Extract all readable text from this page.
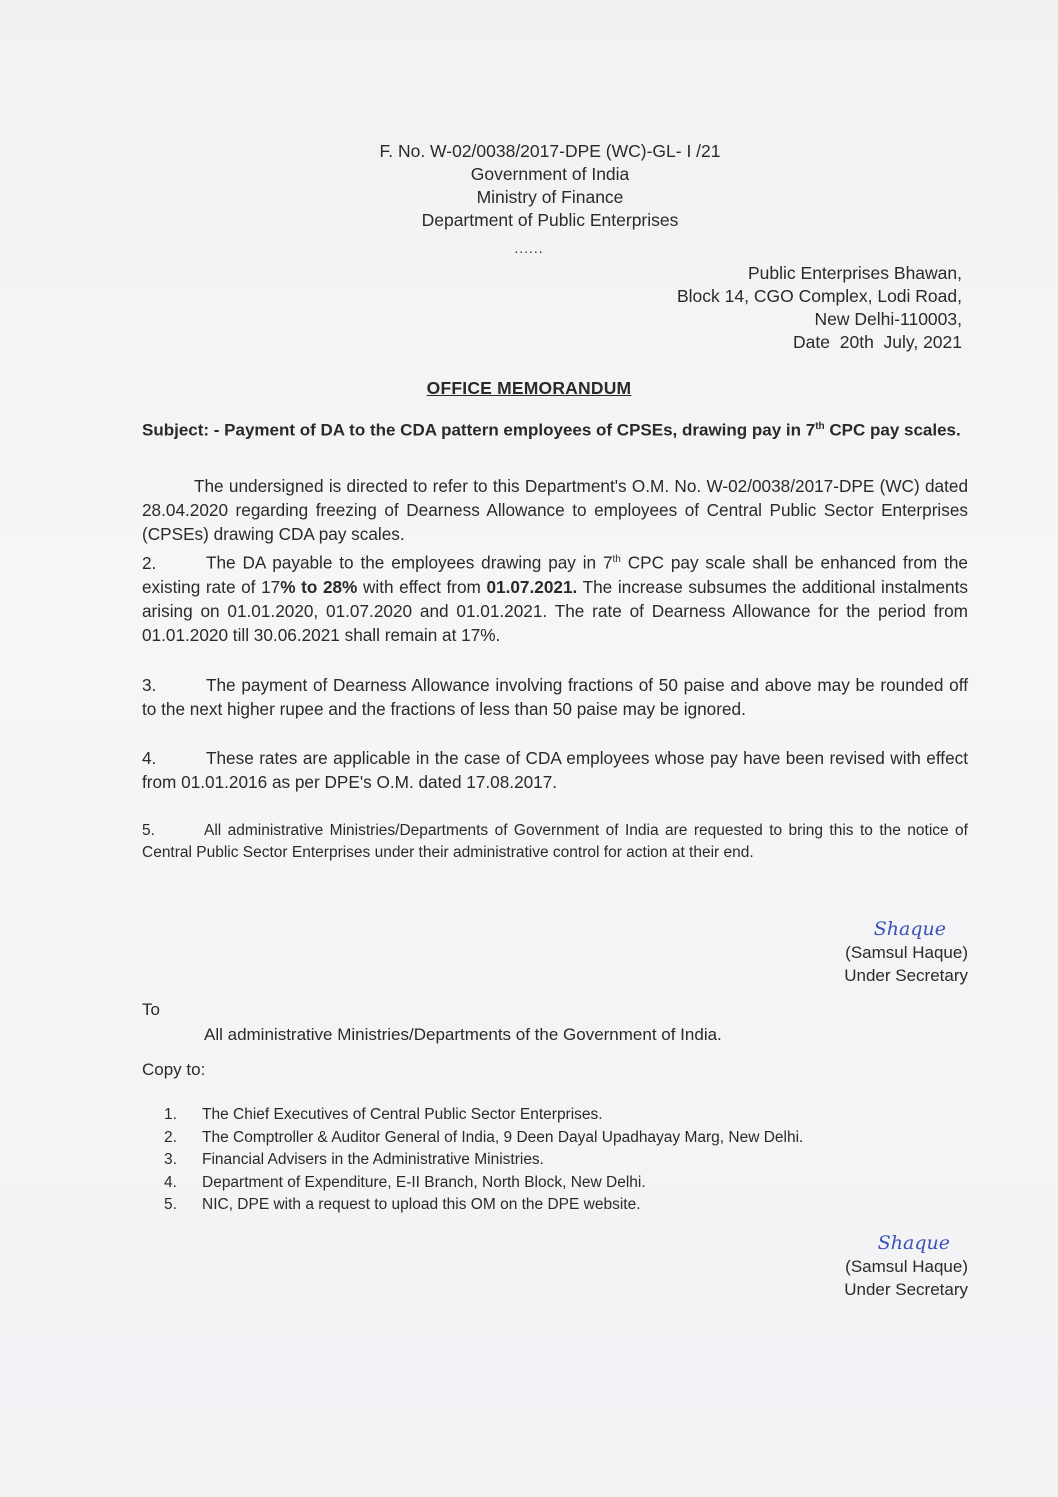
F. No. W-02/0038/2017-DPE (WC)-GL- I /21
Government of India
Ministry of Finance
Department of Public Enterprises
......
Public Enterprises Bhawan,
Block 14, CGO Complex, Lodi Road,
New Delhi-110003,
Date  20th  July, 2021
OFFICE MEMORANDUM
Subject: - Payment of DA to the CDA pattern employees of CPSEs, drawing pay in 7th CPC pay scales.
The undersigned is directed to refer to this Department's O.M. No. W-02/0038/2017-DPE (WC) dated 28.04.2020 regarding freezing of Dearness Allowance to employees of Central Public Sector Enterprises (CPSEs) drawing CDA pay scales.
2.	The DA payable to the employees drawing pay in 7th CPC pay scale shall be enhanced from the existing rate of 17% to 28% with effect from 01.07.2021. The increase subsumes the additional instalments arising on 01.01.2020, 01.07.2020 and 01.01.2021. The rate of Dearness Allowance for the period from 01.01.2020 till 30.06.2021 shall remain at 17%.
3.	The payment of Dearness Allowance involving fractions of 50 paise and above may be rounded off to the next higher rupee and the fractions of less than 50 paise may be ignored.
4.	These rates are applicable in the case of CDA employees whose pay have been revised with effect from 01.01.2016 as per DPE's O.M. dated 17.08.2017.
5.	All administrative Ministries/Departments of Government of India are requested to bring this to the notice of Central Public Sector Enterprises under their administrative control for action at their end.
Shaque
(Samsul Haque)
Under Secretary
To
All administrative Ministries/Departments of the Government of India.
Copy to:
1. The Chief Executives of Central Public Sector Enterprises.
2. The Comptroller & Auditor General of India, 9 Deen Dayal Upadhayay Marg, New Delhi.
3. Financial Advisers in the Administrative Ministries.
4. Department of Expenditure, E-II Branch, North Block, New Delhi.
5. NIC, DPE with a request to upload this OM on the DPE website.
Shaque
(Samsul Haque)
Under Secretary
